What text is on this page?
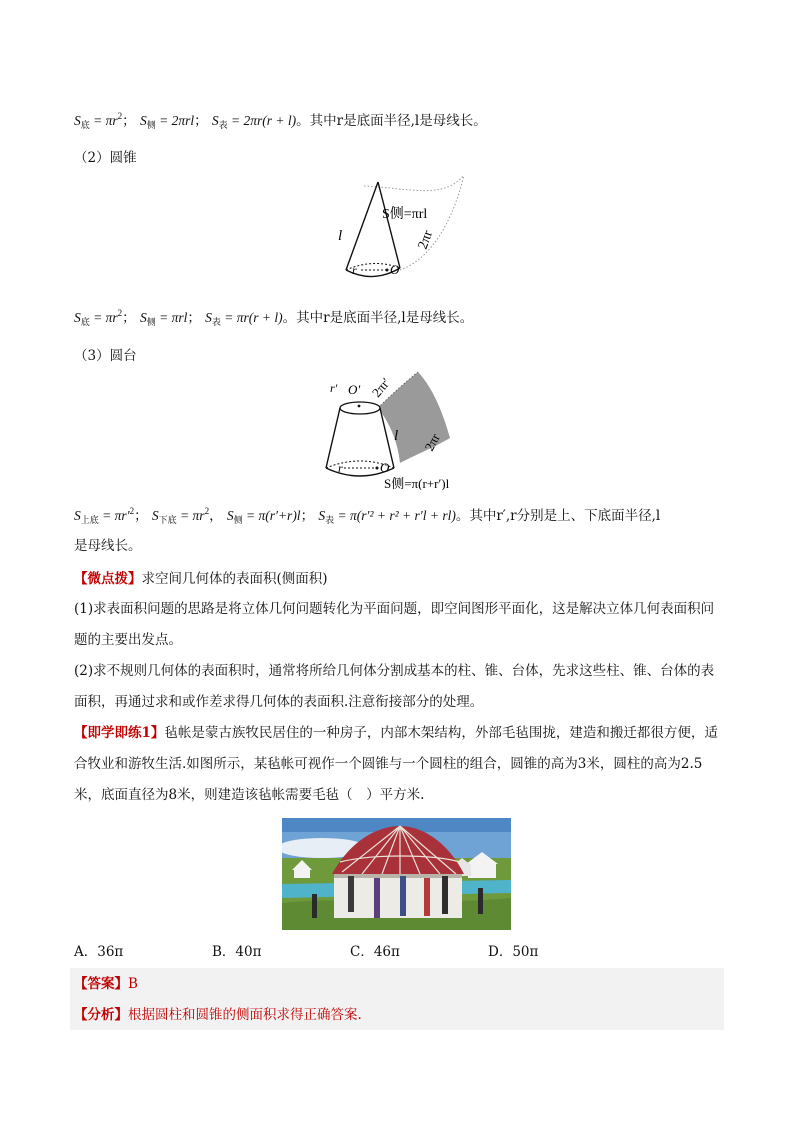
$S_底 = \pi r^2$； $S_侧 = 2\pi rl$； $S_表 = 2\pi r(r + l)$。其中r是底面半径,l是母线长。
（2）圆锥
l
r	O
S侧=πrl
2πr
$S_底 = \pi r^2$； $S_侧 = \pi rl$； $S_表 = \pi r(r + l)$。其中r是底面半径,l是母线长。
（3）圆台
r′ O′ 2πr′
l 2πr
r	O
S侧=π(r+r′)l
$S_{上底} = \pi r'^2$； $S_{下底} = \pi r^2$， $S_侧 = \pi(r'+r)l$； $S_表 = \pi(r'^2 + r^2 + r'l + rl)$。其中r′,r分别是上、下底面半径,l
是母线长。
【微点拨】求空间几何体的表面积(侧面积)
(1)求表面积问题的思路是将立体几何问题转化为平面问题，即空间图形平面化，这是解决立体几何表面积问题的主要出发点。
(2)求不规则几何体的表面积时，通常将所给几何体分割成基本的柱、锥、台体，先求这些柱、锥、台体的表面积，再通过求和或作差求得几何体的表面积.注意衔接部分的处理。
【即学即练1】毡帐是蒙古族牧民居住的一种房子，内部木架结构，外部毛毡围拢，建造和搬迁都很方便，适合牧业和游牧生活.如图所示，某毡帐可视作一个圆锥与一个圆柱的组合，圆锥的高为3米，圆柱的高为2.5米，底面直径为8米，则建造该毡帐需要毛毡（　）平方米.
A．36π	B．40π	C．46π	D．50π
【答案】B
【分析】根据圆柱和圆锥的侧面积求得正确答案.
